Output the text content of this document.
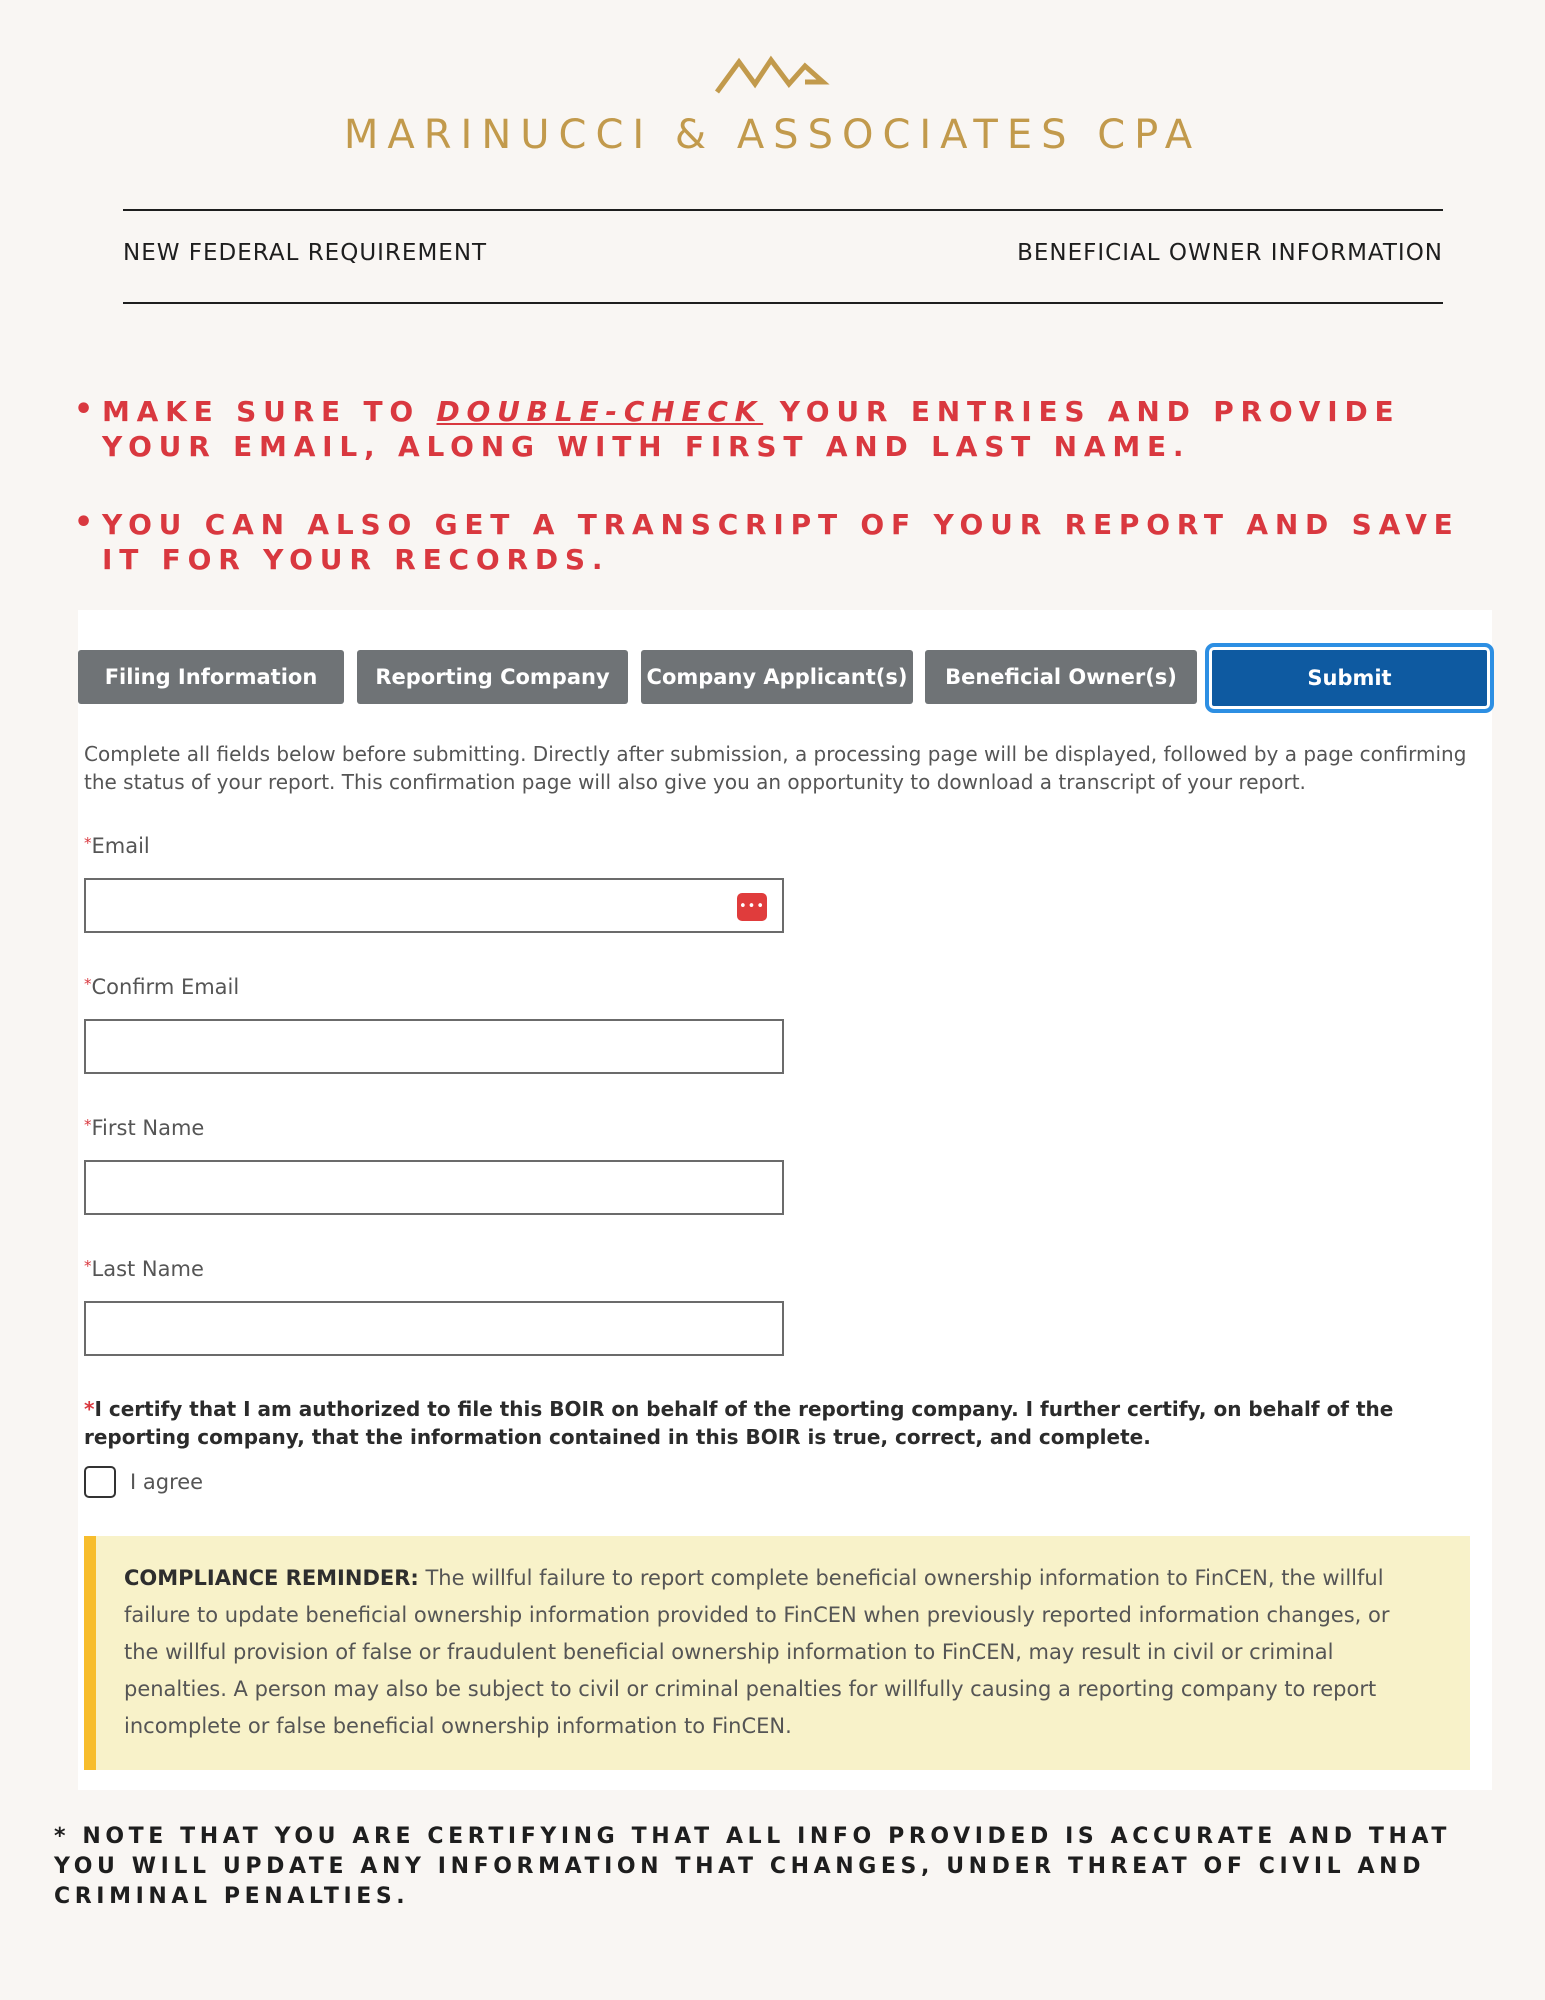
MARINUCCI & ASSOCIATES CPA
NEW FEDERAL REQUIREMENT	BENEFICIAL OWNER INFORMATION
• MAKE SURE TO DOUBLE-CHECK YOUR ENTRIES AND PROVIDE YOUR EMAIL, ALONG WITH FIRST AND LAST NAME.
• YOU CAN ALSO GET A TRANSCRIPT OF YOUR REPORT AND SAVE IT FOR YOUR RECORDS.
Filing Information	Reporting Company	Company Applicant(s)	Beneficial Owner(s)	Submit
Complete all fields below before submitting. Directly after submission, a processing page will be displayed, followed by a page confirming the status of your report. This confirmation page will also give you an opportunity to download a transcript of your report.
*Email
•••
*Confirm Email
*First Name
*Last Name
*I certify that I am authorized to file this BOIR on behalf of the reporting company. I further certify, on behalf of the reporting company, that the information contained in this BOIR is true, correct, and complete.
I agree
COMPLIANCE REMINDER: The willful failure to report complete beneficial ownership information to FinCEN, the willful failure to update beneficial ownership information provided to FinCEN when previously reported information changes, or the willful provision of false or fraudulent beneficial ownership information to FinCEN, may result in civil or criminal penalties. A person may also be subject to civil or criminal penalties for willfully causing a reporting company to report incomplete or false beneficial ownership information to FinCEN.
* NOTE THAT YOU ARE CERTIFYING THAT ALL INFO PROVIDED IS ACCURATE AND THAT YOU WILL UPDATE ANY INFORMATION THAT CHANGES, UNDER THREAT OF CIVIL AND CRIMINAL PENALTIES.
